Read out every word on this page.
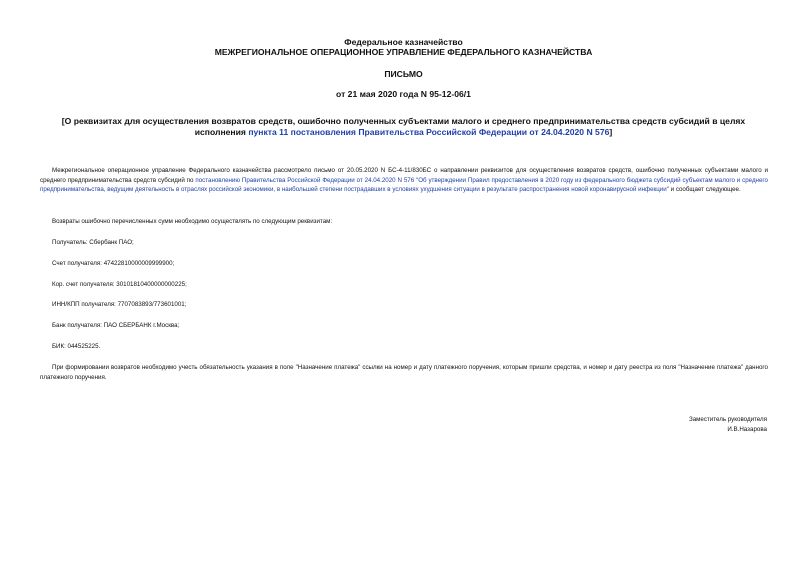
Федеральное казначейство
МЕЖРЕГИОНАЛЬНОЕ ОПЕРАЦИОННОЕ УПРАВЛЕНИЕ ФЕДЕРАЛЬНОГО КАЗНАЧЕЙСТВА
ПИСЬМО
от 21 мая 2020 года N 95-12-06/1
[О реквизитах для осуществления возвратов средств, ошибочно полученных субъектами малого и среднего предпринимательства средств субсидий в целях исполнения пункта 11 постановления Правительства Российской Федерации от 24.04.2020 N 576]
Межрегиональное операционное управление Федерального казначейства рассмотрело письмо от 20.05.2020 N БС-4-11/830БС о направлении реквизитов для осуществления возвратов средств, ошибочно полученных субъектами малого и среднего предпринимательства средств субсидий по постановлению Правительства Российской Федерации от 24.04.2020 N 576 "Об утверждении Правил предоставления в 2020 году из федерального бюджета субсидий субъектам малого и среднего предпринимательства, ведущим деятельность в отраслях российской экономики, в наибольшей степени пострадавших в условиях ухудшения ситуации в результате распространения новой коронавирусной инфекции" и сообщает следующее.
Возвраты ошибочно перечисленных сумм необходимо осуществлять по следующим реквизитам:
Получатель: Сбербанк ПАО;
Счет получателя: 47422810000009999900;
Кор. счет получателя: 30101810400000000225;
ИНН/КПП получателя: 7707083893/773601001;
Банк получателя: ПАО СБЕРБАНК г.Москва;
БИК: 044525225.
При формировании возвратов необходимо учесть обязательность указания в поле "Назначение платежа" ссылки на номер и дату платежного поручения, которым пришли средства, и номер и дату реестра из поля "Назначение платежа" данного платежного поручения.
Заместитель руководителя
И.В.Назарова
